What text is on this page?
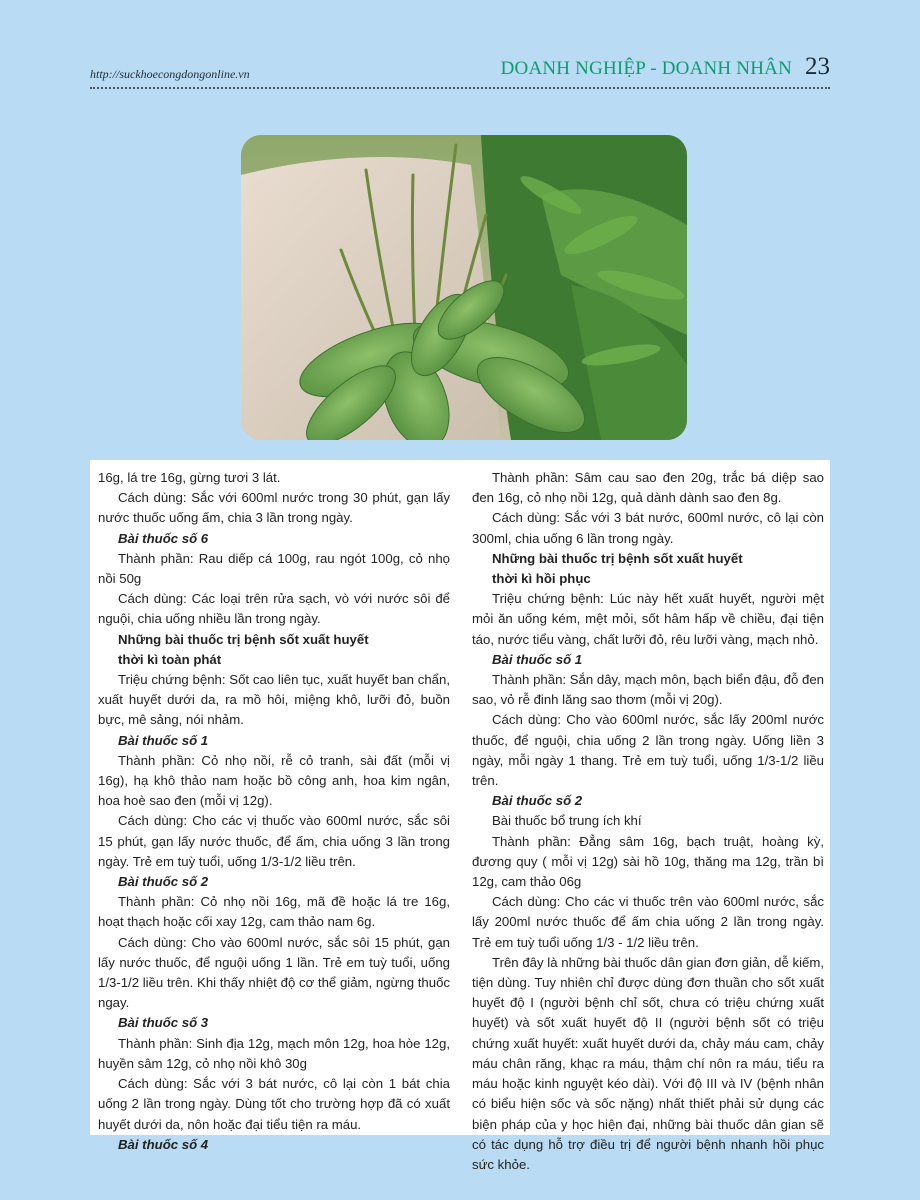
http://suckhoecongdongonline.vn	DOANH NGHIỆP - DOANH NHÂN 23

16g, lá tre 16g, gừng tươi 3 lát.

Cách dùng: Sắc với 600ml nước trong 30 phút, gạn lấy nước thuốc uống ấm, chia 3 lần trong ngày.

Bài thuốc số 6

Thành phần: Rau diếp cá 100g, rau ngót 100g, cỏ nhọ nồi 50g

Cách dùng: Các loại trên rửa sạch, vò với nước sôi để nguội, chia uống nhiều lần trong ngày.

Những bài thuốc trị bệnh sốt xuất huyết
thời kì toàn phát

Triệu chứng bệnh: Sốt cao liên tục, xuất huyết ban chẩn, xuất huyết dưới da, ra mồ hôi, miệng khô, lưỡi đỏ, buồn bực, mê sảng, nói nhảm.

Bài thuốc số 1

Thành phần: Cỏ nhọ nồi, rễ cỏ tranh, sài đất (mỗi vị 16g), hạ khô thảo nam hoặc bồ công anh, hoa kim ngân, hoa hoè sao đen (mỗi vị 12g).

Cách dùng: Cho các vị thuốc vào 600ml nước, sắc sôi 15 phút, gạn lấy nước thuốc, để ấm, chia uống 3 lần trong ngày. Trẻ em tuỳ tuổi, uống 1/3-1/2 liều trên.

Bài thuốc số 2

Thành phần: Cỏ nhọ nồi 16g, mã đề hoặc lá tre 16g, hoạt thạch hoặc cối xay 12g, cam thảo nam 6g.

Cách dùng: Cho vào 600ml nước, sắc sôi 15 phút, gạn lấy nước thuốc, để nguội uống 1 lần. Trẻ em tuỳ tuổi, uống 1/3-1/2 liều trên. Khi thấy nhiệt độ cơ thể giảm, ngừng thuốc ngay.

Bài thuốc số 3

Thành phần: Sinh địa 12g, mạch môn 12g, hoa hòe 12g, huyền sâm 12g, cỏ nhọ nồi khô 30g

Cách dùng: Sắc với 3 bát nước, cô lại còn 1 bát chia uống 2 lần trong ngày. Dùng tốt cho trường hợp đã có xuất huyết dưới da, nôn hoặc đại tiểu tiện ra máu.

Bài thuốc số 4

Thành phần: Sâm cau sao đen 20g, trắc bá diệp sao đen 16g, cỏ nhọ nồi 12g, quả dành dành sao đen 8g.

Cách dùng: Sắc với 3 bát nước, 600ml nước, cô lại còn 300ml, chia uống 6 lần trong ngày.

Những bài thuốc trị bệnh sốt xuất huyết
thời kì hồi phục

Triệu chứng bệnh: Lúc này hết xuất huyết, người mệt mỏi ăn uống kém, mệt mỏi, sốt hâm hấp về chiều, đại tiện táo, nước tiểu vàng, chất lưỡi đỏ, rêu lưỡi vàng, mạch nhỏ.

Bài thuốc số 1

Thành phần: Sắn dây, mạch môn, bạch biển đậu, đỗ đen sao, vỏ rễ đinh lăng sao thơm (mỗi vị 20g).

Cách dùng: Cho vào 600ml nước, sắc lấy 200ml nước thuốc, để nguội, chia uống 2 lần trong ngày. Uống liền 3 ngày, mỗi ngày 1 thang. Trẻ em tuỳ tuổi, uống 1/3-1/2 liều trên.

Bài thuốc số 2

Bài thuốc bổ trung ích khí

Thành phần: Đẳng sâm 16g, bạch truật, hoàng kỳ, đương quy ( mỗi vị 12g) sài hồ 10g, thăng ma 12g, trần bì 12g, cam thảo 06g

Cách dùng: Cho các vi thuốc trên vào 600ml nước, sắc lấy 200ml nước thuốc để ấm chia uống 2 lần trong ngày. Trẻ em tuỳ tuổi uống 1/3 - 1/2 liều trên.

Trên đây là những bài thuốc dân gian đơn giản, dễ kiếm, tiện dùng. Tuy nhiên chỉ được dùng đơn thuần cho sốt xuất huyết độ I (người bệnh chỉ sốt, chưa có triệu chứng xuất huyết) và sốt xuất huyết độ II (người bệnh sốt có triệu chứng xuất huyết: xuất huyết dưới da, chảy máu cam, chảy máu chân răng, khạc ra máu, thậm chí nôn ra máu, tiểu ra máu hoặc kinh nguyệt kéo dài). Với độ III và IV (bệnh nhân có biểu hiện sốc và sốc nặng) nhất thiết phải sử dụng các biện pháp của y học hiện đại, những bài thuốc dân gian sẽ có tác dụng hỗ trợ điều trị để người bệnh nhanh hồi phục sức khỏe.
